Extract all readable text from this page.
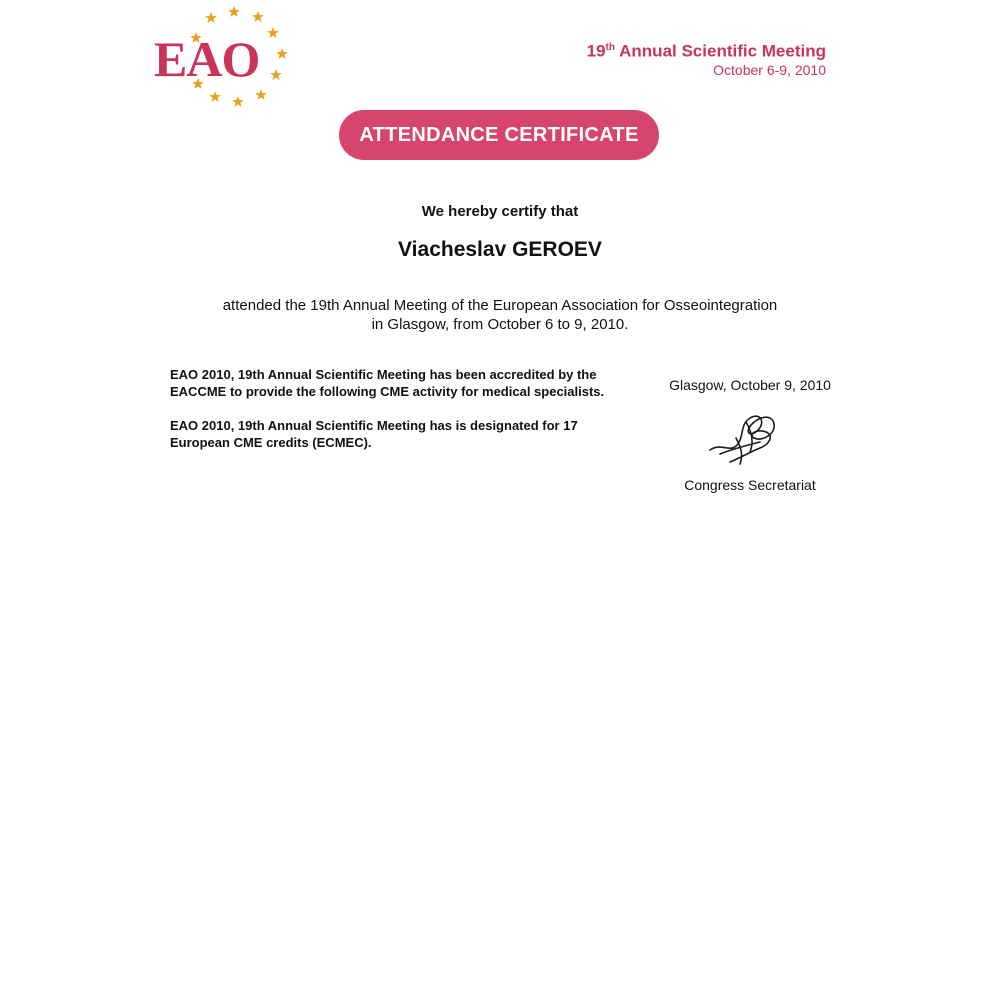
EAO	19th Annual Scientific Meeting
October 6-9, 2010
ATTENDANCE CERTIFICATE
We hereby certify that
Viacheslav GEROEV
attended the 19th Annual Meeting of the European Association for Osseointegration
in Glasgow, from October 6 to 9, 2010.

EAO 2010, 19th Annual Scientific Meeting has been accredited by the
EACCME to provide the following CME activity for medical specialists.

EAO 2010, 19th Annual Scientific Meeting has is designated for 17
European CME credits (ECMEC).

Glasgow, October 9, 2010
Congress Secretariat
